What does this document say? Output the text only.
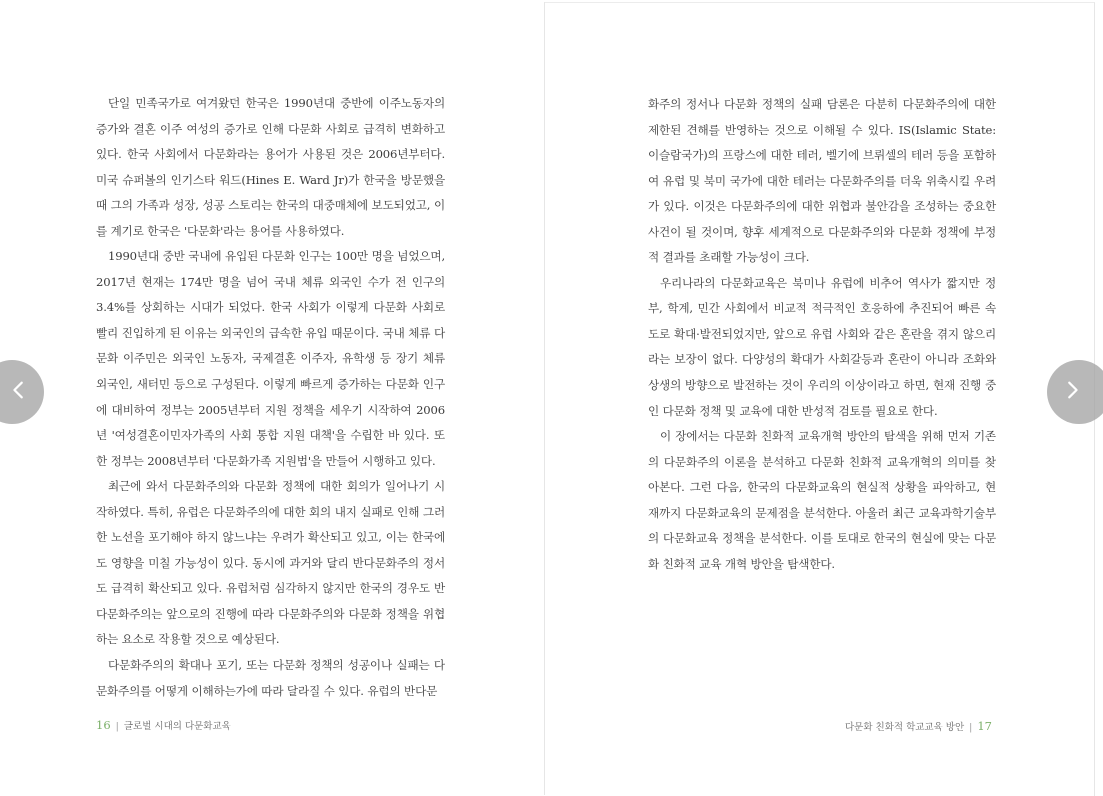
단일 민족국가로 여겨왔던 한국은 1990년대 중반에 이주노동자의 증가와 결혼 이주 여성의 증가로 인해 다문화 사회로 급격히 변화하고 있다. 한국 사회에서 다문화라는 용어가 사용된 것은 2006년부터다. 미국 슈퍼볼의 인기스타 워드(Hines E. Ward Jr)가 한국을 방문했을 때 그의 가족과 성장, 성공 스토리는 한국의 대중매체에 보도되었고, 이를 계기로 한국은 '다문화'라는 용어를 사용하였다.

1990년대 중반 국내에 유입된 다문화 인구는 100만 명을 넘었으며, 2017년 현재는 174만 명을 넘어 국내 체류 외국인 수가 전 인구의 3.4%를 상회하는 시대가 되었다. 한국 사회가 이렇게 다문화 사회로 빨리 진입하게 된 이유는 외국인의 급속한 유입 때문이다. 국내 체류 다문화 이주민은 외국인 노동자, 국제결혼 이주자, 유학생 등 장기 체류 외국인, 새터민 등으로 구성된다. 이렇게 빠르게 증가하는 다문화 인구에 대비하여 정부는 2005년부터 지원 정책을 세우기 시작하여 2006년 '여성결혼이민자가족의 사회 통합 지원 대책'을 수립한 바 있다. 또한 정부는 2008년부터 '다문화가족 지원법'을 만들어 시행하고 있다.

최근에 와서 다문화주의와 다문화 정책에 대한 회의가 일어나기 시작하였다. 특히, 유럽은 다문화주의에 대한 회의 내지 실패로 인해 그러한 노선을 포기해야 하지 않느냐는 우려가 확산되고 있고, 이는 한국에도 영향을 미칠 가능성이 있다. 동시에 과거와 달리 반다문화주의 정서도 급격히 확산되고 있다. 유럽처럼 심각하지 않지만 한국의 경우도 반다문화주의는 앞으로의 진행에 따라 다문화주의와 다문화 정책을 위협하는 요소로 작용할 것으로 예상된다.

다문화주의의 확대나 포기, 또는 다문화 정책의 성공이나 실패는 다문화주의를 어떻게 이해하는가에 따라 달라질 수 있다. 유럽의 반다문

16 | 글로벌 시대의 다문화교육

화주의 정서나 다문화 정책의 실패 담론은 다분히 다문화주의에 대한 제한된 견해를 반영하는 것으로 이해될 수 있다. IS(Islamic State: 이슬람국가)의 프랑스에 대한 테러, 벨기에 브뤼셀의 테러 등을 포함하여 유럽 및 북미 국가에 대한 테러는 다문화주의를 더욱 위축시킬 우려가 있다. 이것은 다문화주의에 대한 위협과 불안감을 조성하는 중요한 사건이 될 것이며, 향후 세계적으로 다문화주의와 다문화 정책에 부정적 결과를 초래할 가능성이 크다.

우리나라의 다문화교육은 북미나 유럽에 비추어 역사가 짧지만 정부, 학계, 민간 사회에서 비교적 적극적인 호응하에 추진되어 빠른 속도로 확대·발전되었지만, 앞으로 유럽 사회와 같은 혼란을 겪지 않으리라는 보장이 없다. 다양성의 확대가 사회갈등과 혼란이 아니라 조화와 상생의 방향으로 발전하는 것이 우리의 이상이라고 하면, 현재 진행 중인 다문화 정책 및 교육에 대한 반성적 검토를 필요로 한다.

이 장에서는 다문화 친화적 교육개혁 방안의 탐색을 위해 먼저 기존의 다문화주의 이론을 분석하고 다문화 친화적 교육개혁의 의미를 찾아본다. 그런 다음, 한국의 다문화교육의 현실적 상황을 파악하고, 현재까지 다문화교육의 문제점을 분석한다. 아울러 최근 교육과학기술부의 다문화교육 정책을 분석한다. 이를 토대로 한국의 현실에 맞는 다문화 친화적 교육 개혁 방안을 탐색한다.

다문화 친화적 학교교육 방안 | 17
